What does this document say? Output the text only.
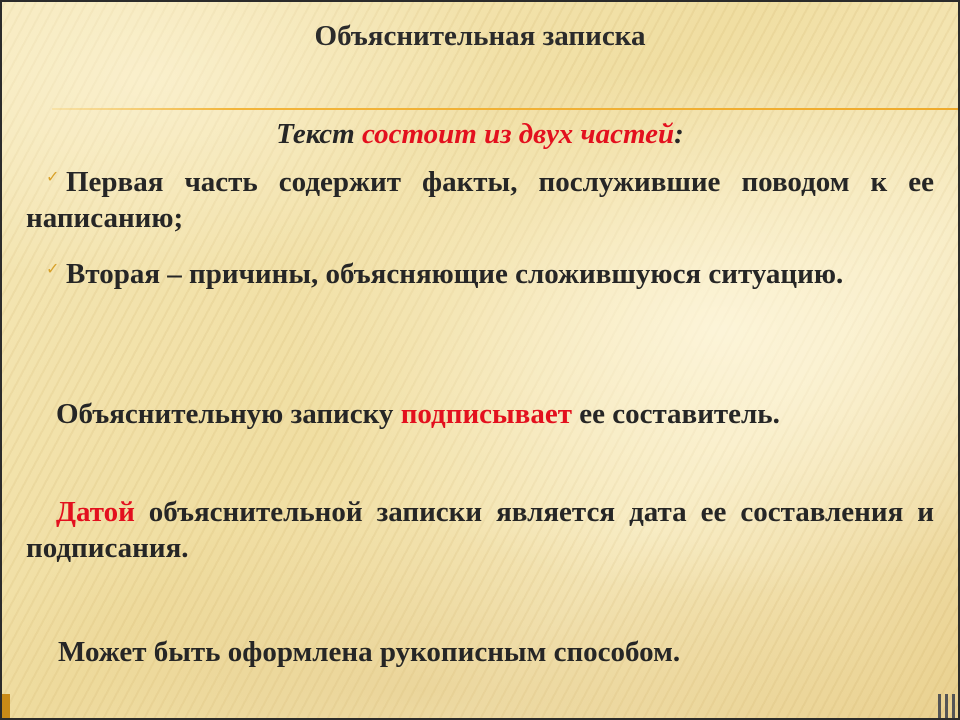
Объяснительная записка
Текст состоит из двух частей:
✓ Первая часть содержит факты, послужившие поводом к ее написанию;
✓ Вторая – причины, объясняющие сложившуюся ситуацию.
Объяснительную записку подписывает ее составитель.
Датой объяснительной записки является дата ее составления и подписания.
Может быть оформлена рукописным способом.
